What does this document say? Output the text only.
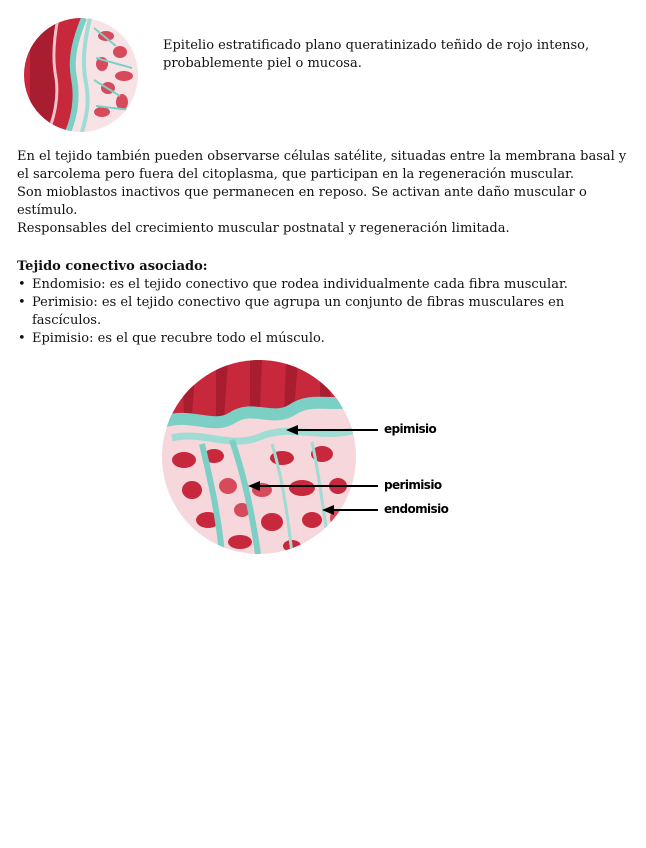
Epitelio estratificado plano queratinizado teñido de rojo intenso, probablemente piel o mucosa.

En el tejido también pueden observarse células satélite, situadas entre la membrana basal y el sarcolema pero fuera del citoplasma, que participan en la regeneración muscular.

Son mioblastos inactivos que permanecen en reposo. Se activan ante daño muscular o estímulo.

Responsables del crecimiento muscular postnatal y regeneración limitada.

Tejido conectivo asociado:

• Endomisio: es el tejido conectivo que rodea individualmente cada fibra muscular.
• Perimisio: es el tejido conectivo que agrupa un conjunto de fibras musculares en fascículos.
• Epimisio: es el que recubre todo el músculo.
epimisio
perimisio
endomisio
